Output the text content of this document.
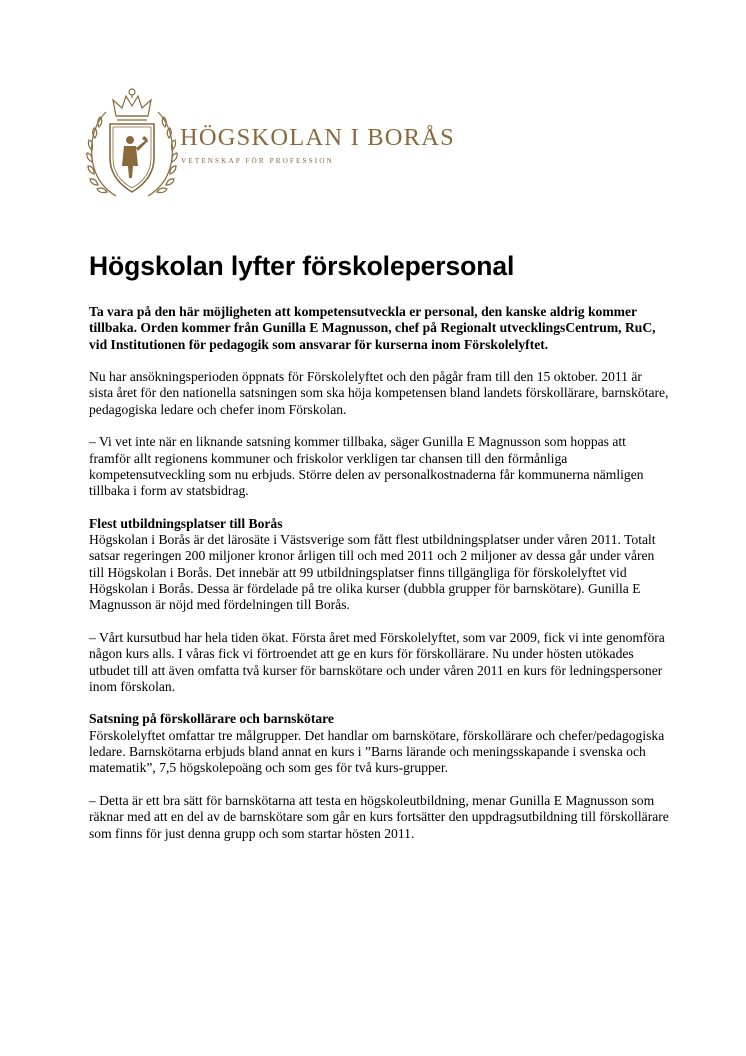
HÖGSKOLAN I BORÅS
VETENSKAP FÖR PROFESSION
Högskolan lyfter förskolepersonal

Ta vara på den här möjligheten att kompetensutveckla er personal, den kanske aldrig kommer tillbaka. Orden kommer från Gunilla E Magnusson, chef på Regionalt utvecklingsCentrum, RuC, vid Institutionen för pedagogik som ansvarar för kurserna inom Förskolelyftet.

Nu har ansökningsperioden öppnats för Förskolelyftet och den pågår fram till den 15 oktober. 2011 är sista året för den nationella satsningen som ska höja kompetensen bland landets förskollärare, barnskötare, pedagogiska ledare och chefer inom Förskolan.

– Vi vet inte när en liknande satsning kommer tillbaka, säger Gunilla E Magnusson som hoppas att framför allt regionens kommuner och friskolor verkligen tar chansen till den förmånliga kompetensutveckling som nu erbjuds. Större delen av personalkostnaderna får kommunerna nämligen tillbaka i form av statsbidrag.

Flest utbildningsplatser till Borås
Högskolan i Borås är det lärosäte i Västsverige som fått flest utbildningsplatser under våren 2011. Totalt satsar regeringen 200 miljoner kronor årligen till och med 2011 och 2 miljoner av dessa går under våren till Högskolan i Borås. Det innebär att 99 utbildningsplatser finns tillgängliga för förskolelyftet vid Högskolan i Borås. Dessa är fördelade på tre olika kurser (dubbla grupper för barnskötare). Gunilla E Magnusson är nöjd med fördelningen till Borås.

– Vårt kursutbud har hela tiden ökat. Första året med Förskolelyftet, som var 2009, fick vi inte genomföra någon kurs alls. I våras fick vi förtroendet att ge en kurs för förskollärare. Nu under hösten utökades utbudet till att även omfatta två kurser för barnskötare och under våren 2011 en kurs för ledningspersoner inom förskolan.

Satsning på förskollärare och barnskötare
Förskolelyftet omfattar tre målgrupper. Det handlar om barnskötare, förskollärare och chefer/pedagogiska ledare. Barnskötarna erbjuds bland annat en kurs i ”Barns lärande och meningsskapande i svenska och matematik”, 7,5 högskolepoäng och som ges för två kurs-grupper.

– Detta är ett bra sätt för barnskötarna att testa en högskoleutbildning, menar Gunilla E Magnusson som räknar med att en del av de barnskötare som går en kurs fortsätter den uppdragsutbildning till förskollärare som finns för just denna grupp och som startar hösten 2011.
